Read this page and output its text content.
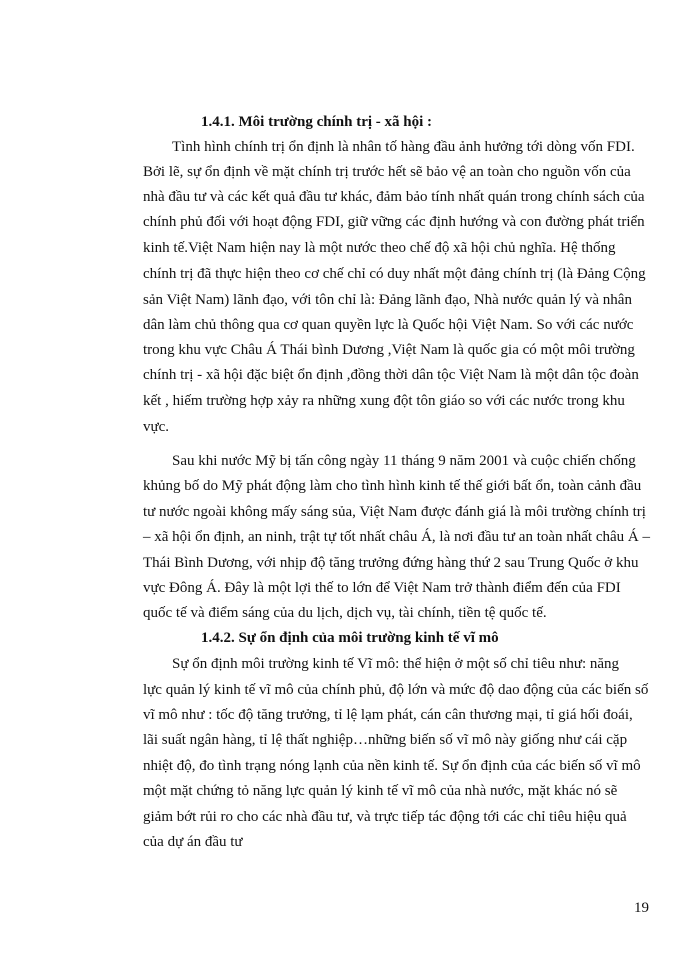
1.4.1. Môi trường chính trị - xã hội :
Tình hình chính trị ổn định là nhân tố hàng đầu ảnh hưởng tới dòng vốn FDI.
Bởi lẽ, sự ổn định về mặt chính trị trước hết sẽ bảo vệ an toàn cho nguồn vốn của
nhà đầu tư và các kết quả đầu tư khác, đảm bảo tính nhất quán trong chính sách của
chính phủ đối với hoạt động FDI, giữ vững các định hướng và con đường phát triển
kinh tế.Việt Nam hiện nay là một nước theo chế độ xã hội chủ nghĩa. Hệ thống
chính trị đã thực hiện theo cơ chế chỉ có duy nhất một đảng chính trị (là Đảng Cộng
sản Việt Nam) lãnh đạo, với tôn chỉ là: Đảng lãnh đạo, Nhà nước quản lý và nhân
dân làm chủ thông qua cơ quan quyền lực là Quốc hội Việt Nam. So với các nước
trong khu vực Châu Á Thái bình Dương ,Việt Nam là quốc gia có một môi trường
chính trị - xã hội đặc biệt ổn định ,đồng thời dân tộc Việt Nam là một dân tộc đoàn
kết , hiếm trường hợp xảy ra những xung đột tôn giáo so với các nước trong khu
vực.
Sau khi nước Mỹ bị tấn công ngày 11 tháng 9 năm 2001 và cuộc chiến chống
khủng bố do Mỹ phát động làm cho tình hình kinh tế thế giới bất ổn, toàn cảnh đầu
tư nước ngoài không mấy sáng sủa, Việt Nam được đánh giá là môi trường chính trị
– xã hội ổn định, an ninh, trật tự tốt nhất châu Á, là nơi đầu tư an toàn nhất châu Á –
Thái Bình Dương, với nhịp độ tăng trưởng đứng hàng thứ 2 sau Trung Quốc ở khu
vực Đông Á. Đây là một lợi thế to lớn để Việt Nam trở thành điểm đến của FDI
quốc tế và điểm sáng của du lịch, dịch vụ, tài chính, tiền tệ quốc tế.
1.4.2. Sự ổn định của môi trường kinh tế vĩ mô
Sự ổn định môi trường kinh tế Vĩ mô: thể hiện ở một số chỉ tiêu như: năng
lực quản lý kinh tế vĩ mô của chính phủ, độ lớn và mức độ dao động của các biến số
vĩ mô như : tốc độ tăng trưởng, tỉ lệ lạm phát, cán cân thương mại, tỉ giá hối đoái,
lãi suất ngân hàng, tỉ lệ thất nghiệp…những biến số vĩ mô này giống như cái cặp
nhiệt độ, đo tình trạng nóng lạnh của nền kinh tế. Sự ổn định của các biến số vĩ mô
một mặt chứng tỏ năng lực quản lý kinh tế vĩ mô của nhà nước, mặt khác nó sẽ
giảm bớt rủi ro cho các nhà đầu tư, và trực tiếp tác động tới các chỉ tiêu hiệu quả
của dự án đầu tư
19
